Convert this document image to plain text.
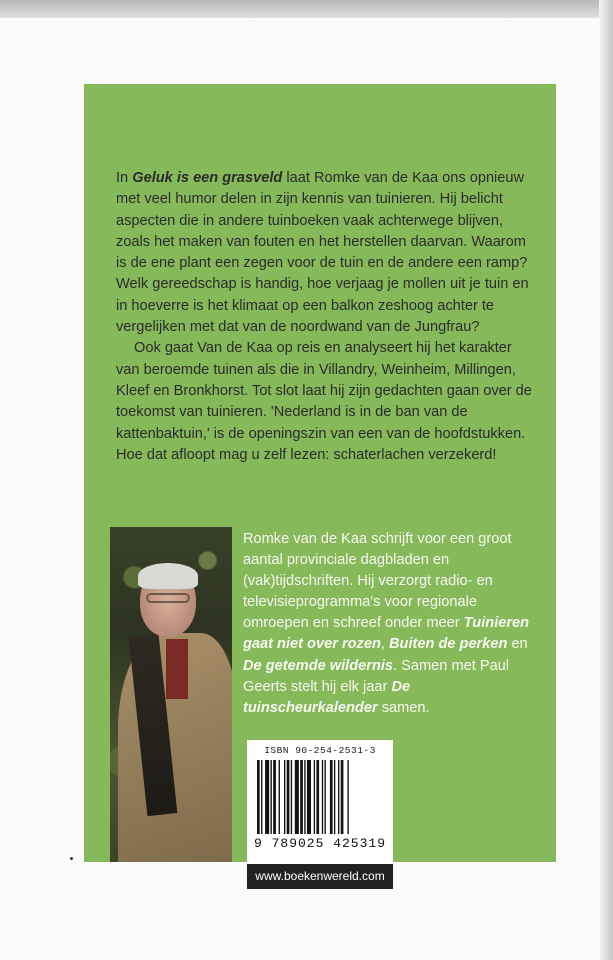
In Geluk is een grasveld laat Romke van de Kaa ons opnieuw met veel humor delen in zijn kennis van tuinieren. Hij belicht aspecten die in andere tuinboeken vaak achterwege blijven, zoals het maken van fouten en het herstellen daarvan. Waarom is de ene plant een zegen voor de tuin en de andere een ramp? Welk gereedschap is handig, hoe verjaag je mollen uit je tuin en in hoeverre is het klimaat op een balkon zeshoog achter te vergelijken met dat van de noordwand van de Jungfrau?

Ook gaat Van de Kaa op reis en analyseert hij het karakter van beroemde tuinen als die in Villandry, Weinheim, Millingen, Kleef en Bronkhorst. Tot slot laat hij zijn gedachten gaan over de toekomst van tuinieren. 'Nederland is in de ban van de kattenbaktuin,' is de openingszin van een van de hoofdstukken. Hoe dat afloopt mag u zelf lezen: schaterlachen verzekerd!

Romke van de Kaa schrijft voor een groot aantal provinciale dagbladen en (vak)tijdschriften. Hij verzorgt radio- en televisieprogramma's voor regionale omroepen en schreef onder meer Tuinieren gaat niet over rozen, Buiten de perken en De getemde wildernis. Samen met Paul Geerts stelt hij elk jaar De tuinscheurkalender samen.
ISBN 90-254-2531-3
9 789025 425319
www.boekenwereld.com
